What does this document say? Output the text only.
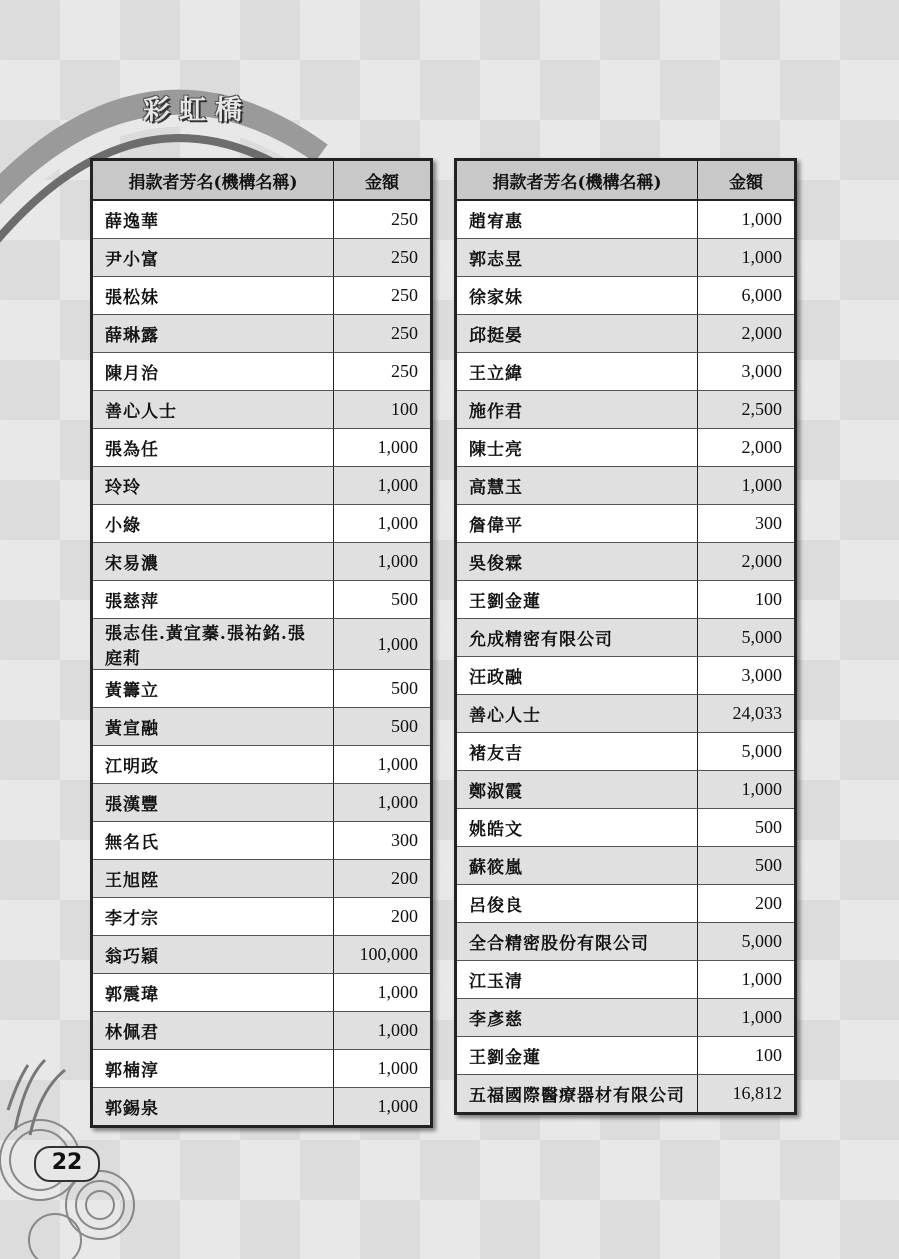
彩虹橋
捐款者芳名(機構名稱)	金額
薛逸華	250
尹小富	250
張松妹	250
薛琳露	250
陳月治	250
善心人士	100
張為任	1,000
玲玲	1,000
小綠	1,000
宋易濃	1,000
張慈萍	500
張志佳.黃宜蓁.張祐銘.張庭莉	1,000
黃籌立	500
黃宣融	500
江明政	1,000
張漢豐	1,000
無名氏	300
王旭陞	200
李才宗	200
翁巧穎	100,000
郭震瑋	1,000
林佩君	1,000
郭楠淳	1,000
郭錫泉	1,000
捐款者芳名(機構名稱)	金額
趙宥惠	1,000
郭志昱	1,000
徐家妹	6,000
邱挺晏	2,000
王立緯	3,000
施作君	2,500
陳士亮	2,000
高慧玉	1,000
詹偉平	300
吳俊霖	2,000
王劉金蓮	100
允成精密有限公司	5,000
汪政融	3,000
善心人士	24,033
褚友吉	5,000
鄭淑霞	1,000
姚皓文	500
蘇筱嵐	500
呂俊良	200
全合精密股份有限公司	5,000
江玉清	1,000
李彥慈	1,000
王劉金蓮	100
五福國際醫療器材有限公司	16,812
22
